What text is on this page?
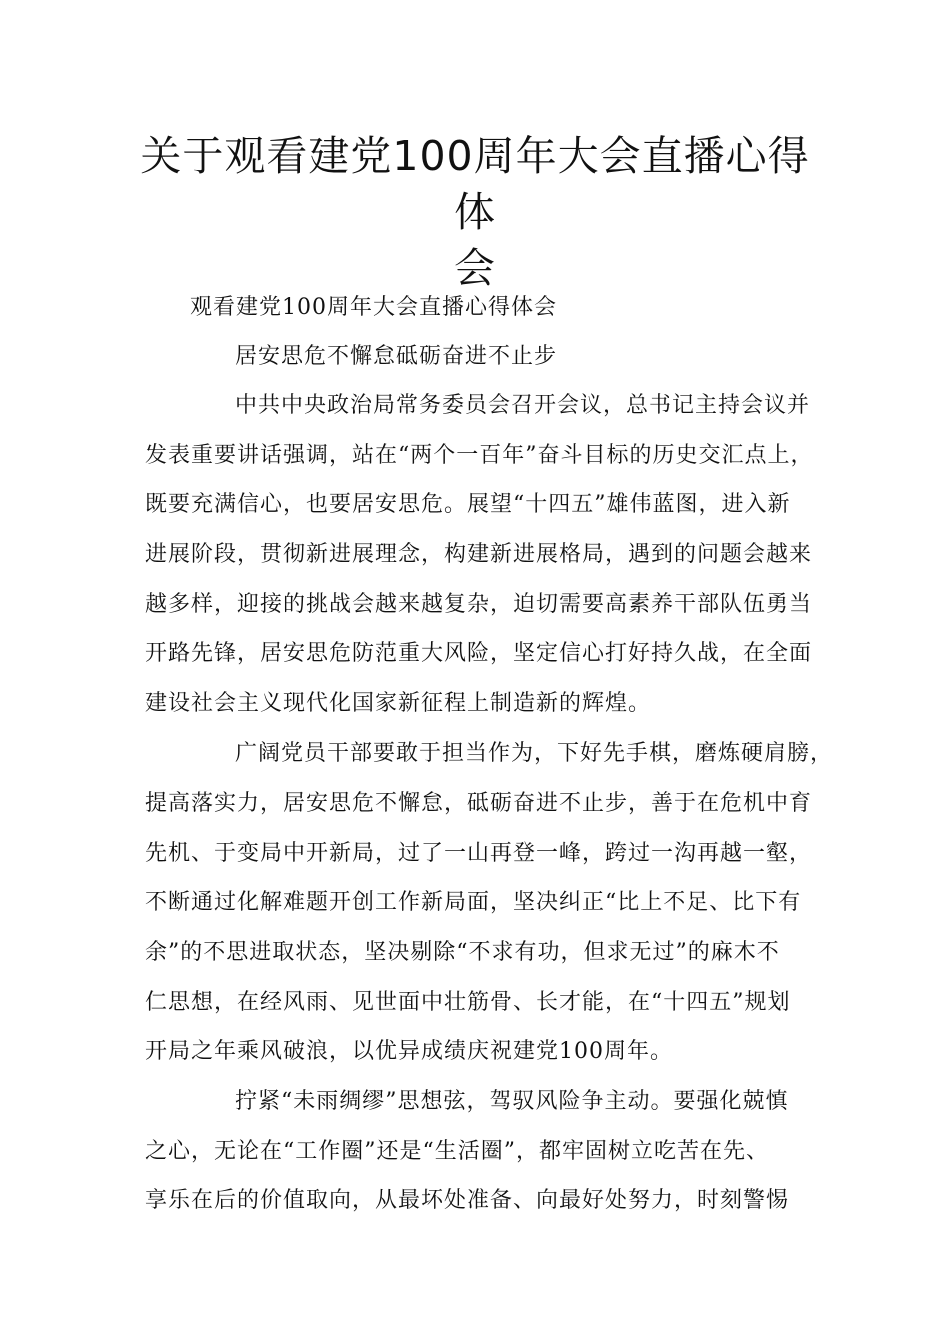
关于观看建党100周年大会直播心得体
会
观看建党100周年大会直播心得体会
居安思危不懈怠砥砺奋进不止步
中共中央政治局常务委员会召开会议，总书记主持会议并
发表重要讲话强调，站在“两个一百年”奋斗目标的历史交汇点上，
既要充满信心，也要居安思危。展望“十四五”雄伟蓝图，进入新
进展阶段，贯彻新进展理念，构建新进展格局，遇到的问题会越来
越多样，迎接的挑战会越来越复杂，迫切需要高素养干部队伍勇当
开路先锋，居安思危防范重大风险，坚定信心打好持久战，在全面
建设社会主义现代化国家新征程上制造新的辉煌。
广阔党员干部要敢于担当作为，下好先手棋，磨炼硬肩膀，
提高落实力，居安思危不懈怠，砥砺奋进不止步，善于在危机中育
先机、于变局中开新局，过了一山再登一峰，跨过一沟再越一壑，
不断通过化解难题开创工作新局面，坚决纠正“比上不足、比下有
余”的不思进取状态，坚决剔除“不求有功，但求无过”的麻木不
仁思想，在经风雨、见世面中壮筋骨、长才能，在“十四五”规划
开局之年乘风破浪，以优异成绩庆祝建党100周年。
拧紧“未雨绸缪”思想弦，驾驭风险争主动。要强化兢慎
之心，无论在“工作圈”还是“生活圈”，都牢固树立吃苦在先、
享乐在后的价值取向，从最坏处准备、向最好处努力，时刻警惕
